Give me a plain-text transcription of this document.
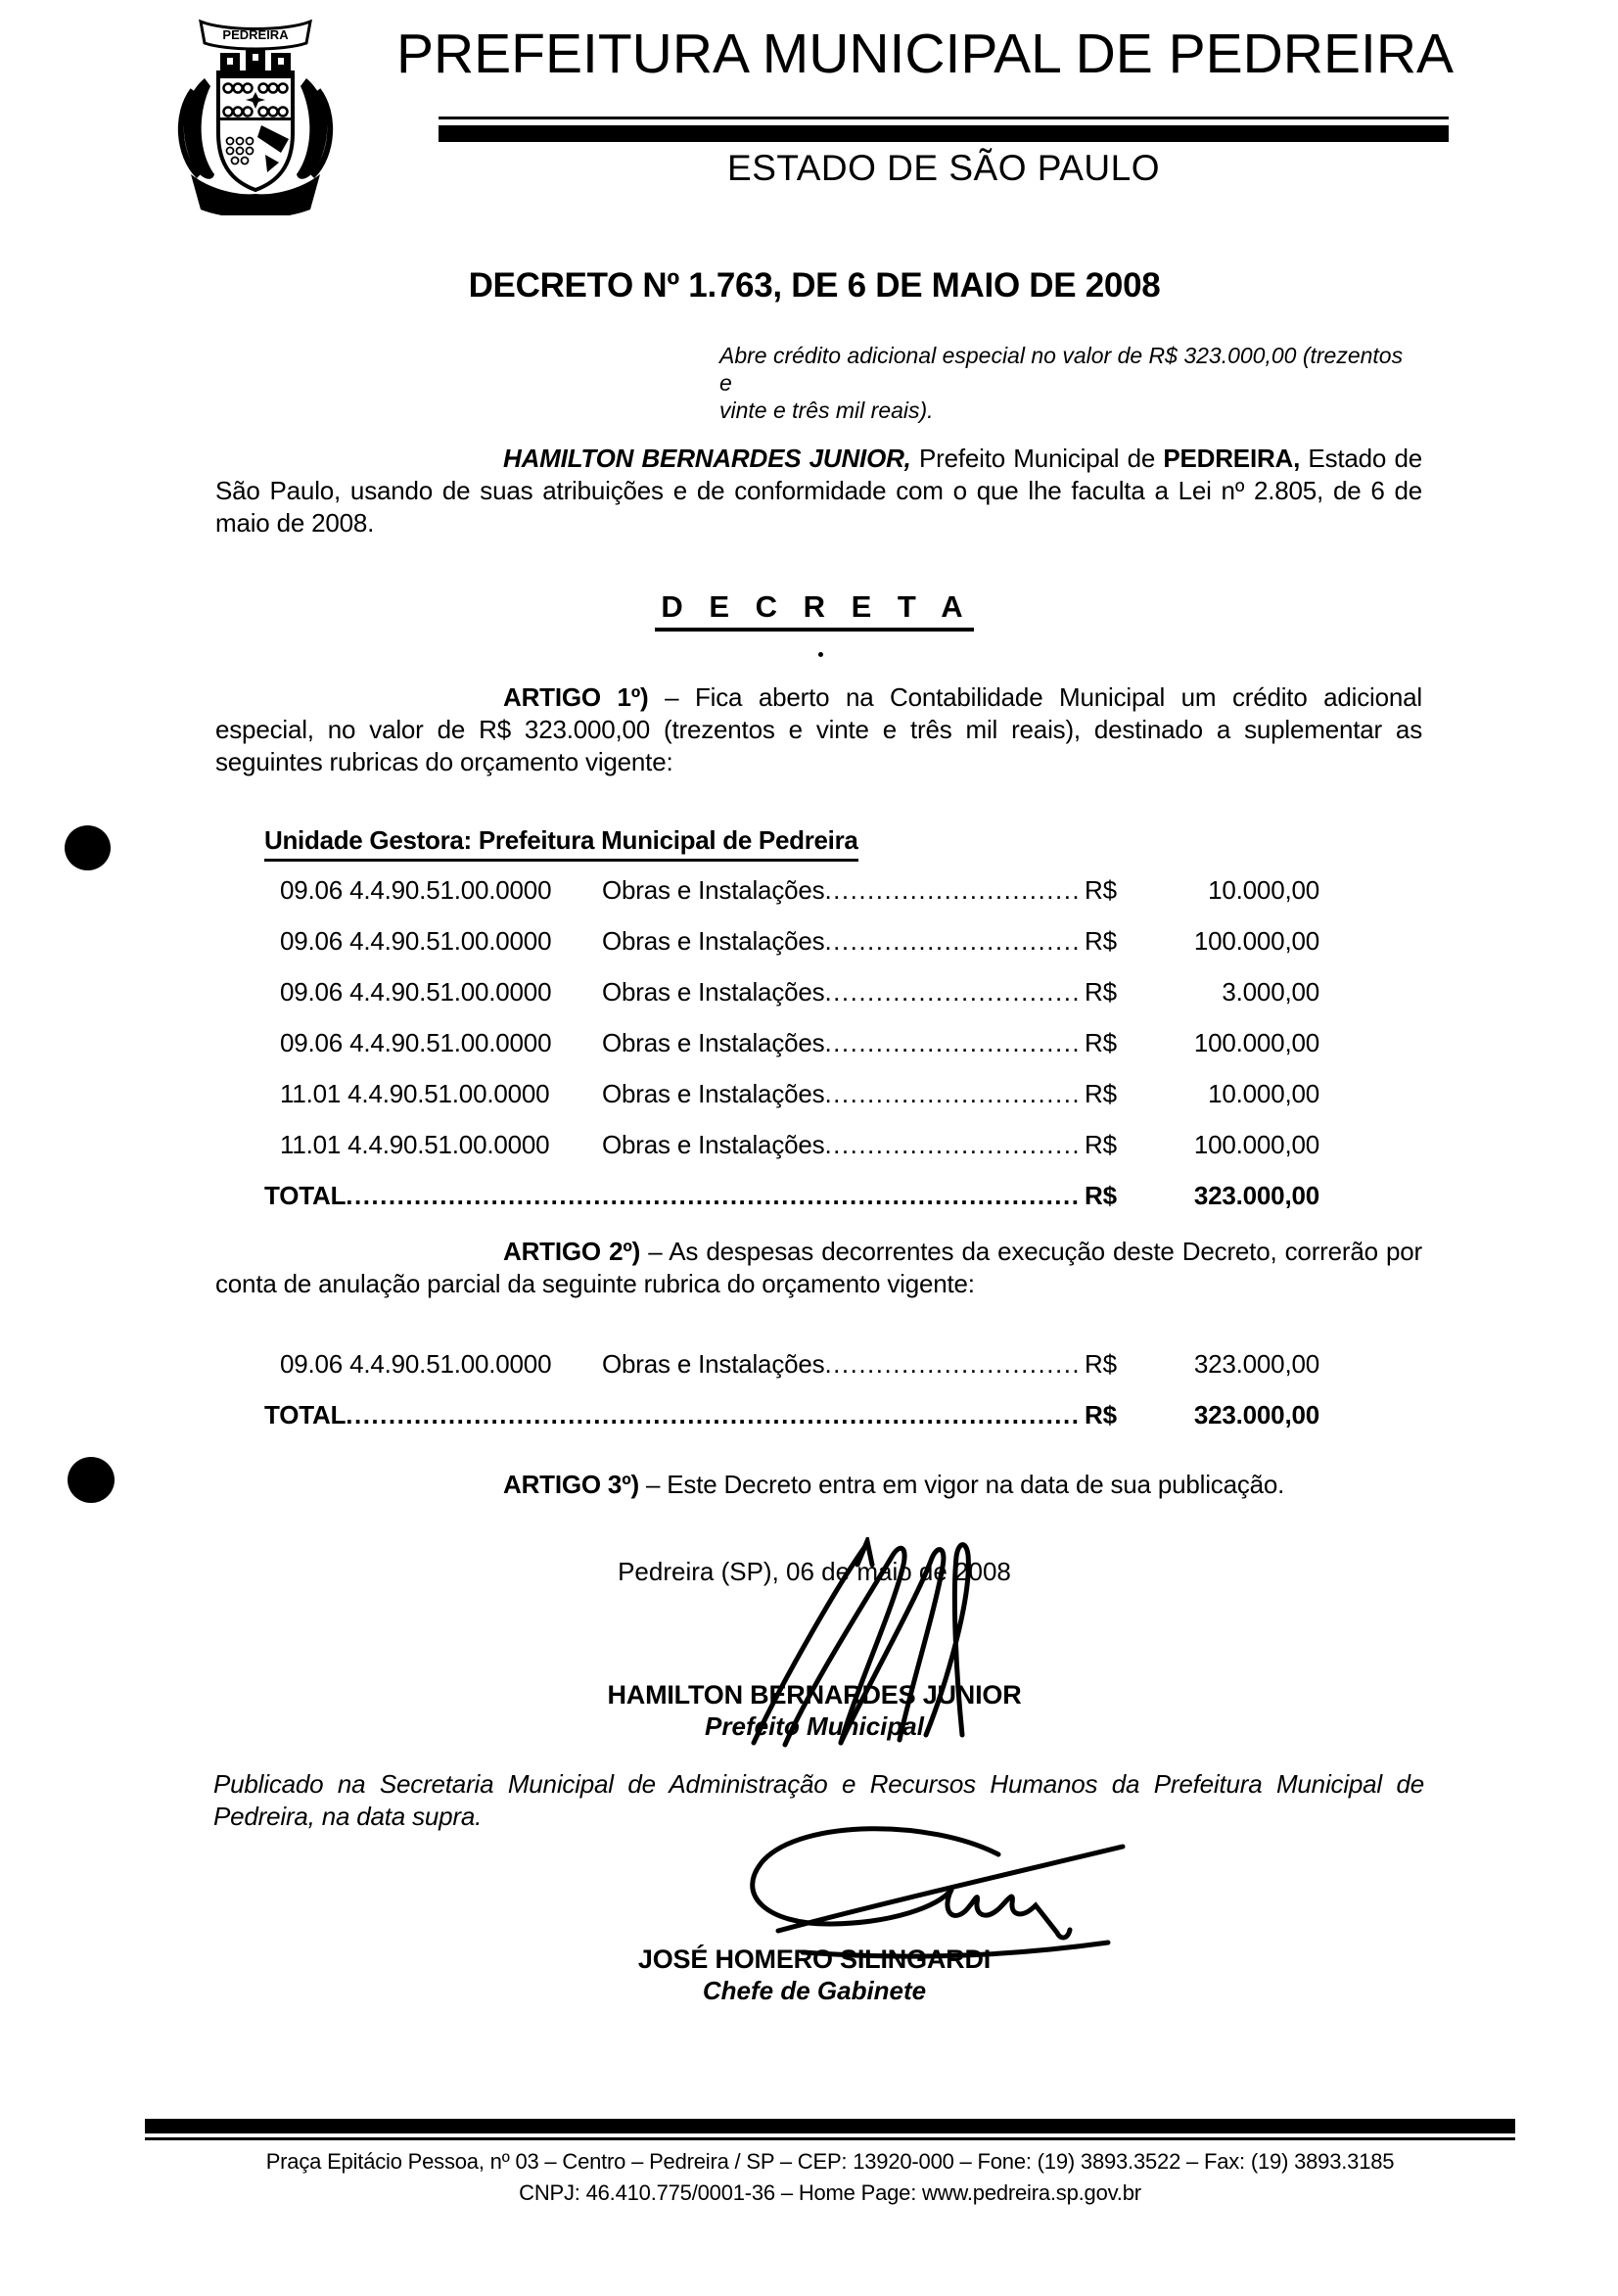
PEDREIRA PREFEITURA MUNICIPAL DE PEDREIRA
ESTADO DE SÃO PAULO
DECRETO Nº 1.763, DE 6 DE MAIO DE 2008
Abre crédito adicional especial no valor de R$ 323.000,00 (trezentos e
vinte e três mil reais).

HAMILTON BERNARDES JUNIOR, Prefeito Municipal de PEDREIRA, Estado de São Paulo, usando de suas atribuições e de conformidade com o que lhe faculta a Lei nº 2.805, de 6 de maio de 2008.

D E C R E T A

ARTIGO 1º) – Fica aberto na Contabilidade Municipal um crédito adicional especial, no valor de R$ 323.000,00 (trezentos e vinte e três mil reais), destinado a suplementar as seguintes rubricas do orçamento vigente:

Unidade Gestora: Prefeitura Municipal de Pedreira
09.06 4.4.90.51.00.0000	Obras e Instalações .....	R$	10.000,00
09.06 4.4.90.51.00.0000	Obras e Instalações .....	R$	100.000,00
09.06 4.4.90.51.00.0000	Obras e Instalações .....	R$	3.000,00
09.06 4.4.90.51.00.0000	Obras e Instalações .....	R$	100.000,00
11.01 4.4.90.51.00.0000	Obras e Instalações .....	R$	10.000,00
11.01 4.4.90.51.00.0000	Obras e Instalações .....	R$	100.000,00
TOTAL .....	R$	323.000,00

ARTIGO 2º) – As despesas decorrentes da execução deste Decreto, correrão por conta de anulação parcial da seguinte rubrica do orçamento vigente:

09.06 4.4.90.51.00.0000	Obras e Instalações .....	R$	323.000,00
TOTAL .....	R$	323.000,00

ARTIGO 3º) – Este Decreto entra em vigor na data de sua publicação.

Pedreira (SP), 06 de maio de 2008
HAMILTON BERNARDES JUNIOR
Prefeito Municipal

Publicado na Secretaria Municipal de Administração e Recursos Humanos da Prefeitura Municipal de Pedreira, na data supra.

JOSÉ HOMERO SILINGARDI
Chefe de Gabinete
Praça Epitácio Pessoa, nº 03 – Centro – Pedreira / SP – CEP: 13920-000 – Fone: (19) 3893.3522 – Fax: (19) 3893.3185
CNPJ: 46.410.775/0001-36 – Home Page: www.pedreira.sp.gov.br
